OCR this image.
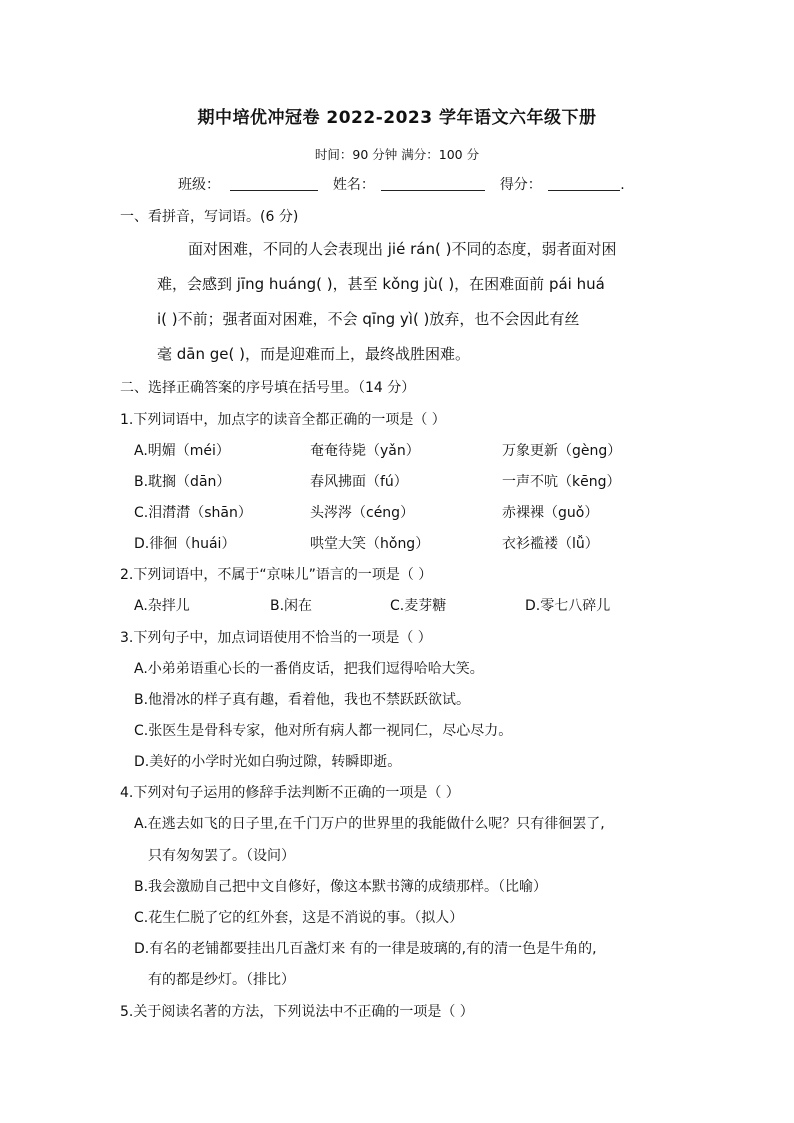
期中培优冲冠卷 2022-2023 学年语文六年级下册
时间：90 分钟 满分：100 分
班级：	姓名：	得分：	.
一、看拼音，写词语。(6 分)
面对困难，不同的人会表现出 jié rán( )不同的态度，弱者面对困
难，会感到 jīng huáng( )，甚至 kǒng jù( )，在困难面前 pái huá
i( )不前；强者面对困难，不会 qīng yì( )放弃，也不会因此有丝
毫 dān ge( )，而是迎难而上，最终战胜困难。
二、选择正确答案的序号填在括号里。（14 分）
1.下列词语中，加点字的读音全都正确的一项是（ ）
A.明媚（méi）	奄奄待毙（yǎn）	万象更新（gèng）
B.耽搁（dān）	春风拂面（fú）	一声不吭（kēng）
C.泪潸潸（shān）	头涔涔（céng）	赤裸裸（guǒ）
D.徘徊（huái）	哄堂大笑（hǒng）	衣衫褴褛（lǚ）
2.下列词语中，不属于“京味儿”语言的一项是（ ）
A.杂拌儿	B.闲在	C.麦芽糖	D.零七八碎儿
3.下列句子中，加点词语使用不恰当的一项是（ ）
A.小弟弟语重心长的一番俏皮话，把我们逗得哈哈大笑。
B.他滑冰的样子真有趣，看着他，我也不禁跃跃欲试。
C.张医生是骨科专家，他对所有病人都一视同仁，尽心尽力。
D.美好的小学时光如白驹过隙，转瞬即逝。
4.下列对句子运用的修辞手法判断不正确的一项是（ ）
A.在逃去如飞的日子里,在千门万户的世界里的我能做什么呢？只有徘徊罢了,
只有匆匆罢了。（设问）
B.我会激励自己把中文自修好，像这本默书簿的成绩那样。（比喻）
C.花生仁脱了它的红外套，这是不消说的事。（拟人）
D.有名的老铺都要挂出几百盏灯来 有的一律是玻璃的,有的清一色是牛角的,
有的都是纱灯。（排比）
5.关于阅读名著的方法，下列说法中不正确的一项是（ ）
